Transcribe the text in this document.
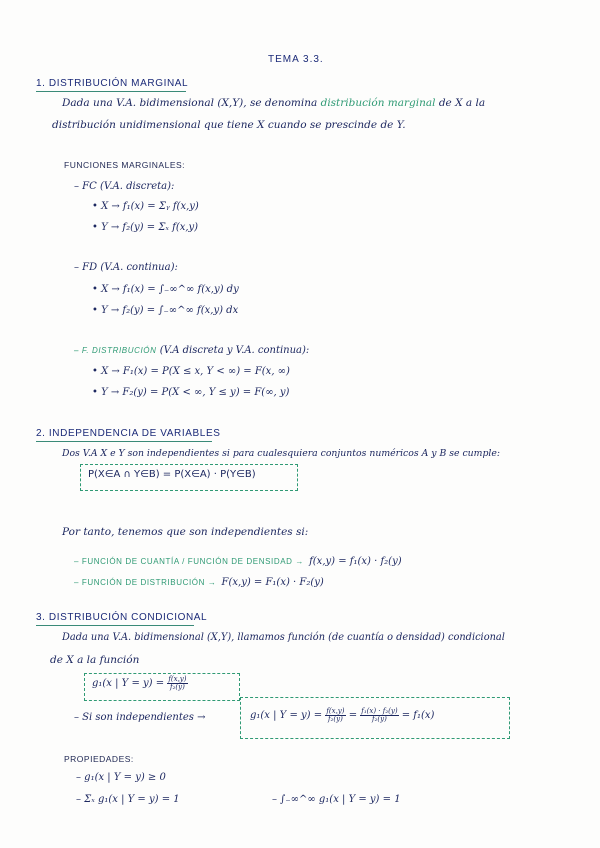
TEMA 3.3.
1. DISTRIBUCIÓN MARGINAL
Dada una V.A. bidimensional (X,Y), se denomina distribución marginal de X a la
distribución unidimensional que tiene X cuando se prescinde de Y.
FUNCIONES MARGINALES:
– FC (V.A. discreta):
• X → f₁(x) = Σᵧ f(x,y)
• Y → f₂(y) = Σₓ f(x,y)
– FD (V.A. continua):
• X → f₁(x) = ∫₋∞^∞ f(x,y) dy
• Y → f₂(y) = ∫₋∞^∞ f(x,y) dx
– F. DISTRIBUCIÓN (V.A discreta y V.A. continua):
• X → F₁(x) = P(X ≤ x, Y < ∞) = F(x, ∞)
• Y → F₂(y) = P(X < ∞, Y ≤ y) = F(∞, y)
2. INDEPENDENCIA DE VARIABLES
Dos V.A X e Y son independientes si para cualesquiera conjuntos numéricos A y B se cumple:
P(X∈A ∩ Y∈B) = P(X∈A) · P(Y∈B)
Por tanto, tenemos que son independientes si:
– FUNCIÓN DE CUANTÍA / FUNCIÓN DE DENSIDAD → f(x,y) = f₁(x) · f₂(y)
– FUNCIÓN DE DISTRIBUCIÓN → F(x,y) = F₁(x) · F₂(y)
3. DISTRIBUCIÓN CONDICIONAL
Dada una V.A. bidimensional (X,Y), llamamos función (de cuantía o densidad) condicional
de X a la función
g₁(x | $Y = y) = \frac{f(x,y)}{\text{f₂(y)}}$
– Si son independientes →	g₁(x | $Y = y) = \frac{f(x,y)}{\text{f₂(y)}} = \frac{\text{f₁(x) · f₂(y)}}{\text{f₂(y)}} = f_1(x)$
PROPIEDADES:
– g₁(x | Y = y) ≥ 0
– Σₓ g₁(x | Y = y) = 1	– ∫₋∞^∞ g₁(x | Y = y) = 1
